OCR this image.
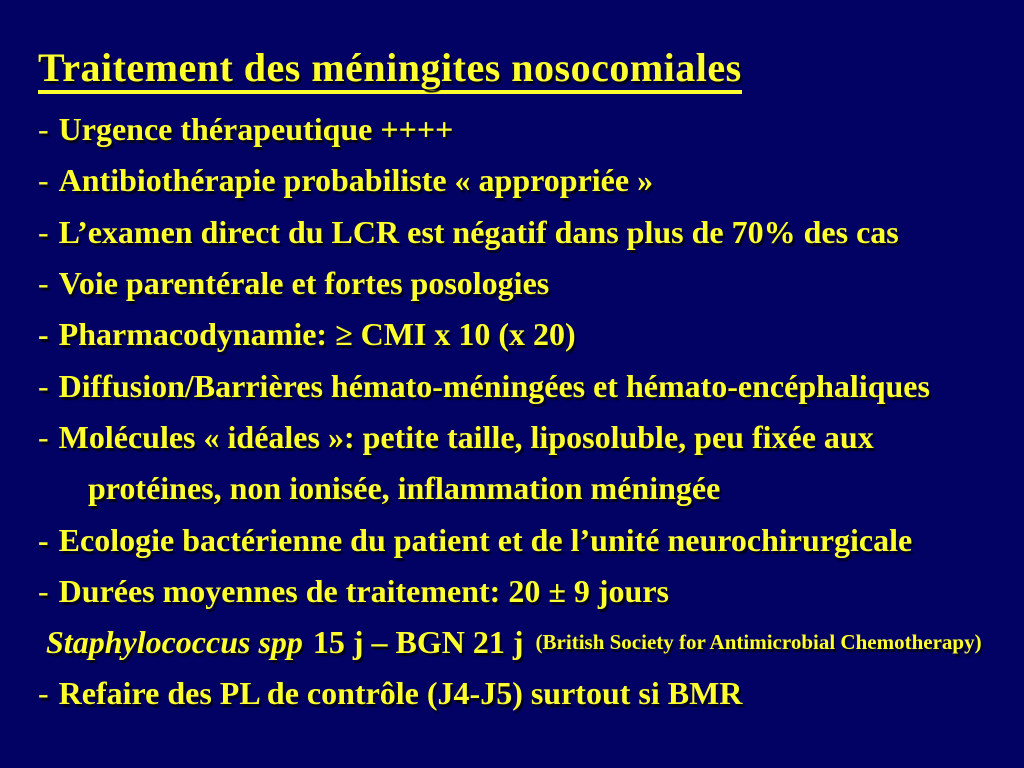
Traitement des méningites nosocomiales
- Urgence thérapeutique ++++
- Antibiothérapie probabiliste « appropriée »
- L’examen direct du LCR est négatif dans plus de 70% des cas
- Voie parentérale et fortes posologies
- Pharmacodynamie: ≥ CMI x 10 (x 20)
- Diffusion/Barrières hémato-méningées et hémato-encéphaliques
- Molécules « idéales »: petite taille, liposoluble, peu fixée aux
protéines, non ionisée, inflammation méningée
- Ecologie bactérienne du patient et de l’unité neurochirurgicale
- Durées moyennes de traitement: 20 ± 9 jours
Staphylococcus spp 15 j – BGN 21 j (British Society for Antimicrobial Chemotherapy)
- Refaire des PL de contrôle (J4-J5) surtout si BMR
